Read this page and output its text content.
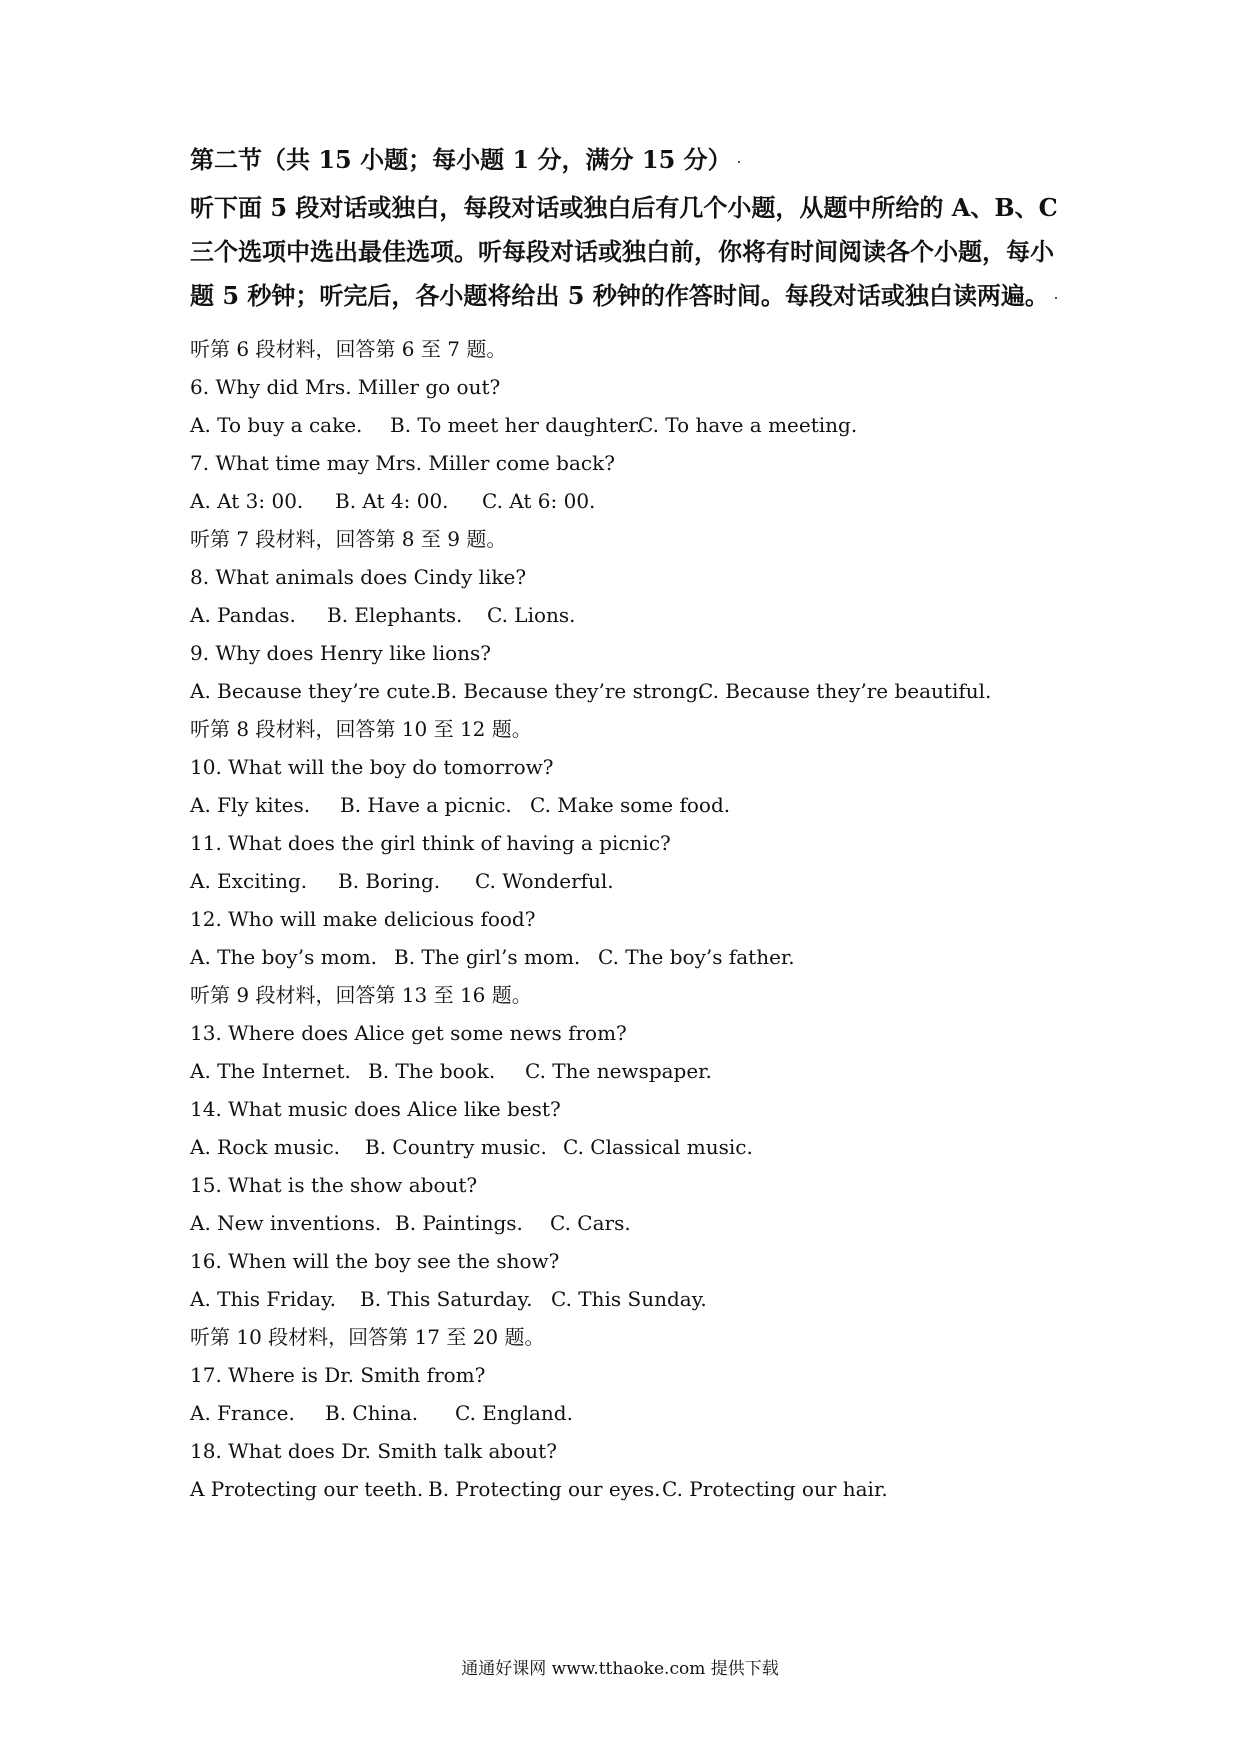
第二节（共 15 小题；每小题 1 分，满分 15 分）
听下面 5 段对话或独白，每段对话或独白后有几个小题，从题中所给的 A、B、C 三个选项中选出最佳选项。听每段对话或独白前，你将有时间阅读各个小题，每小题 5 秒钟；听完后，各小题将给出 5 秒钟的作答时间。每段对话或独白读两遍。
听第 6 段材料，回答第 6 至 7 题。
6. Why did Mrs. Miller go out?
A. To buy a cake. B. To meet her daughter.
C. To have a meeting.
7. What time may Mrs. Miller come back?
A. At 3: 00. B. At 4: 00. C. At 6: 00.
听第 7 段材料，回答第 8 至 9 题。
8. What animals does Cindy like?
A. Pandas. B. Elephants. C. Lions.
9. Why does Henry like lions?
A. Because they’re cute. B. Because they’re strong.
C. Because they’re beautiful.
听第 8 段材料，回答第 10 至 12 题。
10. What will the boy do tomorrow?
A. Fly kites. B. Have a picnic. C. Make some food.
11. What does the girl think of having a picnic?
A. Exciting. B. Boring. C. Wonderful.
12. Who will make delicious food?
A. The boy’s mom. B. The girl’s mom. C. The boy’s father.
听第 9 段材料，回答第 13 至 16 题。
13. Where does Alice get some news from?
A. The Internet. B. The book. C. The newspaper.
14. What music does Alice like best?
A. Rock music. B. Country music. C. Classical music.
15. What is the show about?
A. New inventions. B. Paintings. C. Cars.
16. When will the boy see the show?
A. This Friday. B. This Saturday. C. This Sunday.
听第 10 段材料，回答第 17 至 20 题。
17. Where is Dr. Smith from?
A. France. B. China. C. England.
18. What does Dr. Smith talk about?
A Protecting our teeth. B. Protecting our eyes. C. Protecting our hair.
通通好课网 www.tthaoke.com 提供下载
